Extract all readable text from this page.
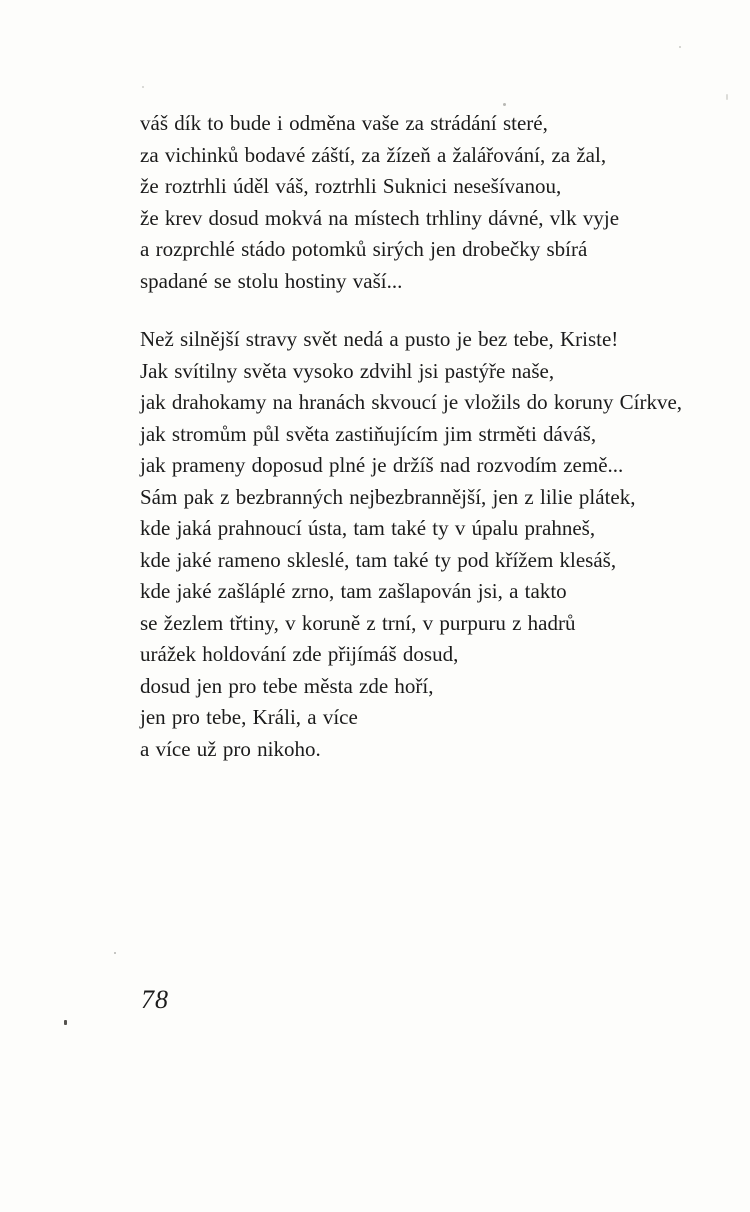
váš dík to bude i odměna vaše za strádání steré,
za vichinků bodavé záští, za žízeň a žalářování, za žal,
že roztrhli úděl váš, roztrhli Suknici nesešívanou,
že krev dosud mokvá na místech trhliny dávné, vlk vyje
a rozprchlé stádo potomků sirých jen drobečky sbírá
spadané se stolu hostiny vaší...
Než silnější stravy svět nedá a pusto je bez tebe, Kriste!
Jak svítilny světa vysoko zdvihl jsi pastýře naše,
jak drahokamy na hranách skvoucí je vložils do koruny Církve,
jak stromům půl světa zastiňujícím jim strměti dáváš,
jak prameny doposud plné je držíš nad rozvodím země...
Sám pak z bezbranných nejbezbrannější, jen z lilie plátek,
kde jaká prahnoucí ústa, tam také ty v úpalu prahneš,
kde jaké rameno skleslé, tam také ty pod křížem klesáš,
kde jaké zašláplé zrno, tam zašlapován jsi, a takto
se žezlem třtiny, v koruně z trní, v purpuru z hadrů
urážek holdování zde přijímáš dosud,
dosud jen pro tebe města zde hoří,
jen pro tebe, Králi, a více
a více už pro nikoho.
78
